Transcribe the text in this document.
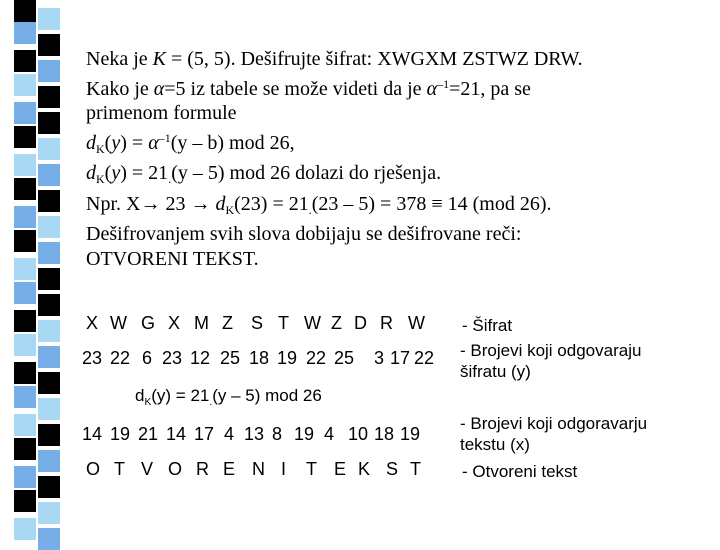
Neka je K = (5, 5). Dešifrujte šifrat: XWGXM ZSTWZ DRW.
Kako je α=5 iz tabele se može videti da je $\alpha^{-1}=21$, pa se
primenom formule
$d_K(y) = \alpha^{-1}(y - b)$ mod 26,
$d_K(y) = 21_.(y - 5)$ mod 26 dolazi do rješenja.
Npr. $X\to 23 \to d_K(23) = 21_.(23 - 5) = 378 \equiv 14$ (mod 26).
Dešifrovanjem svih slova dobijaju se dešifrovane reči:
OTVORENI TEKST.
X W G X M Z S T W Z D R W
23 22 6 23 12 25 18 19 22 25 3 17 22
$d_K(y) = 21_.(y - 5)$ mod 26
14 19 21 14 17 4 13 8 19 4 10 18 19
O T V O R E N I T E K S T
- Šifrat
- Brojevi koji odgovaraju
šifratu (y)
- Brojevi koji odgoravarju
tekstu (x)
- Otvoreni tekst
